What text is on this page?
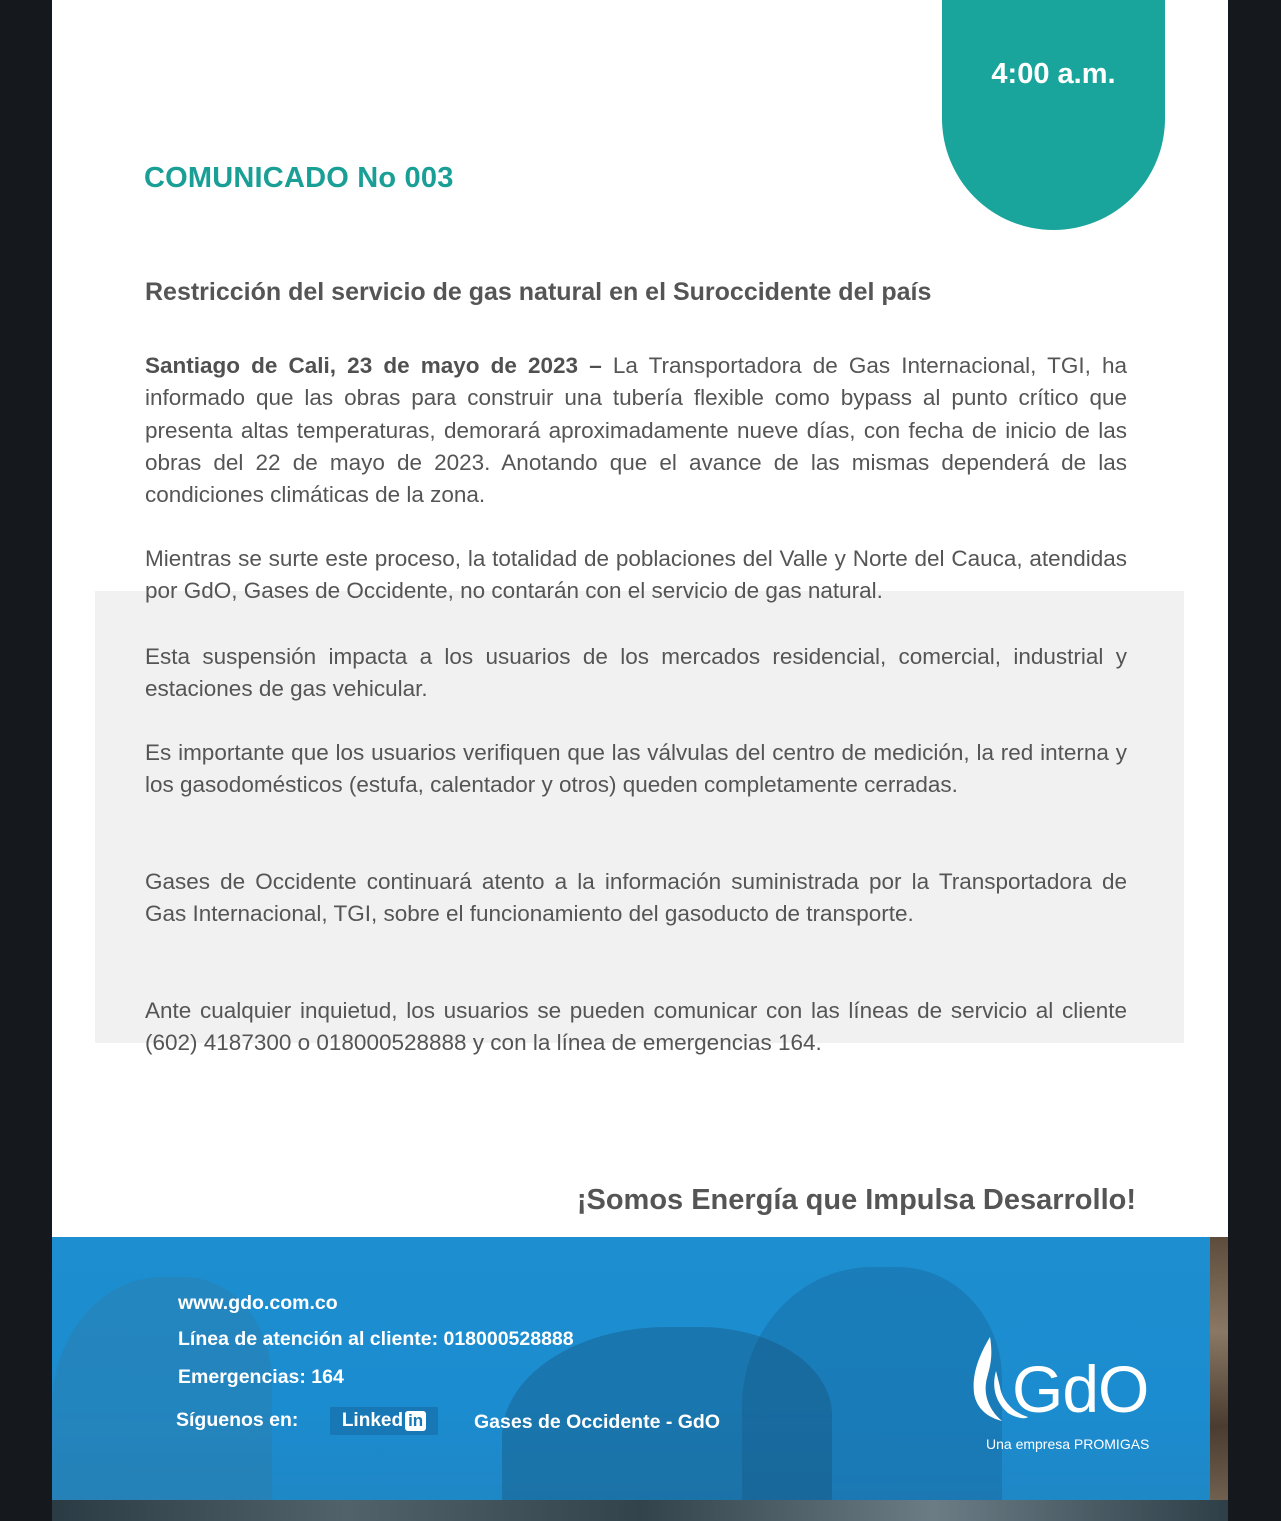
4:00 a.m.
COMUNICADO No 003
Restricción del servicio de gas natural en el Suroccidente del país

Santiago de Cali, 23 de mayo de 2023 – La Transportadora de Gas Internacional, TGI, ha informado que las obras para construir una tubería flexible como bypass al punto crítico que presenta altas temperaturas, demorará aproximadamente nueve días, con fecha de inicio de las obras del 22 de mayo de 2023. Anotando que el avance de las mismas dependerá de las condiciones climáticas de la zona.

Mientras se surte este proceso, la totalidad de poblaciones del Valle y Norte del Cauca, atendidas por GdO, Gases de Occidente, no contarán con el servicio de gas natural.

Esta suspensión impacta a los usuarios de los mercados residencial, comercial, industrial y estaciones de gas vehicular.

Es importante que los usuarios verifiquen que las válvulas del centro de medición, la red interna y los gasodomésticos (estufa, calentador y otros) queden completamente cerradas.

Gases de Occidente continuará atento a la información suministrada por la Transportadora de Gas Internacional, TGI, sobre el funcionamiento del gasoducto de transporte.

Ante cualquier inquietud, los usuarios se pueden comunicar con las líneas de servicio al cliente (602) 4187300 o 018000528888 y con la línea de emergencias 164.

¡Somos Energía que Impulsa Desarrollo!
www.gdo.com.co
Línea de atención al cliente: 018000528888
Emergencias: 164
Síguenos en: Linked in	Gases de Occidente - GdO	GdO
Una empresa PROMIGAS
